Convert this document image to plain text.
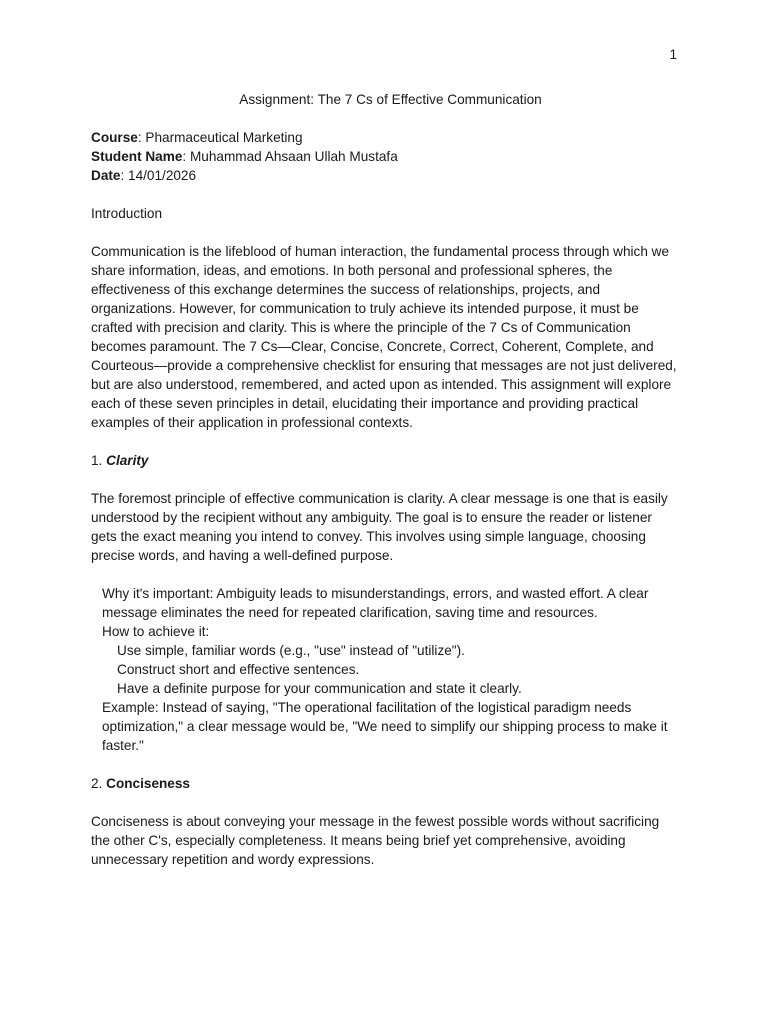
1

Assignment: The 7 Cs of Effective Communication

Course: Pharmaceutical Marketing

Student Name: Muhammad Ahsaan Ullah Mustafa

Date: 14/01/2026

Introduction

Communication is the lifeblood of human interaction, the fundamental process through which we share information, ideas, and emotions. In both personal and professional spheres, the effectiveness of this exchange determines the success of relationships, projects, and organizations. However, for communication to truly achieve its intended purpose, it must be crafted with precision and clarity. This is where the principle of the 7 Cs of Communication becomes paramount. The 7 Cs—Clear, Concise, Concrete, Correct, Coherent, Complete, and Courteous—provide a comprehensive checklist for ensuring that messages are not just delivered, but are also understood, remembered, and acted upon as intended. This assignment will explore each of these seven principles in detail, elucidating their importance and providing practical examples of their application in professional contexts.

1. Clarity

The foremost principle of effective communication is clarity. A clear message is one that is easily understood by the recipient without any ambiguity. The goal is to ensure the reader or listener gets the exact meaning you intend to convey. This involves using simple language, choosing precise words, and having a well-defined purpose.

Why it's important: Ambiguity leads to misunderstandings, errors, and wasted effort. A clear message eliminates the need for repeated clarification, saving time and resources.

How to achieve it:

Use simple, familiar words (e.g., "use" instead of "utilize").

Construct short and effective sentences.

Have a definite purpose for your communication and state it clearly.

Example: Instead of saying, "The operational facilitation of the logistical paradigm needs optimization," a clear message would be, "We need to simplify our shipping process to make it faster."

2. Conciseness

Conciseness is about conveying your message in the fewest possible words without sacrificing the other C's, especially completeness. It means being brief yet comprehensive, avoiding unnecessary repetition and wordy expressions.
